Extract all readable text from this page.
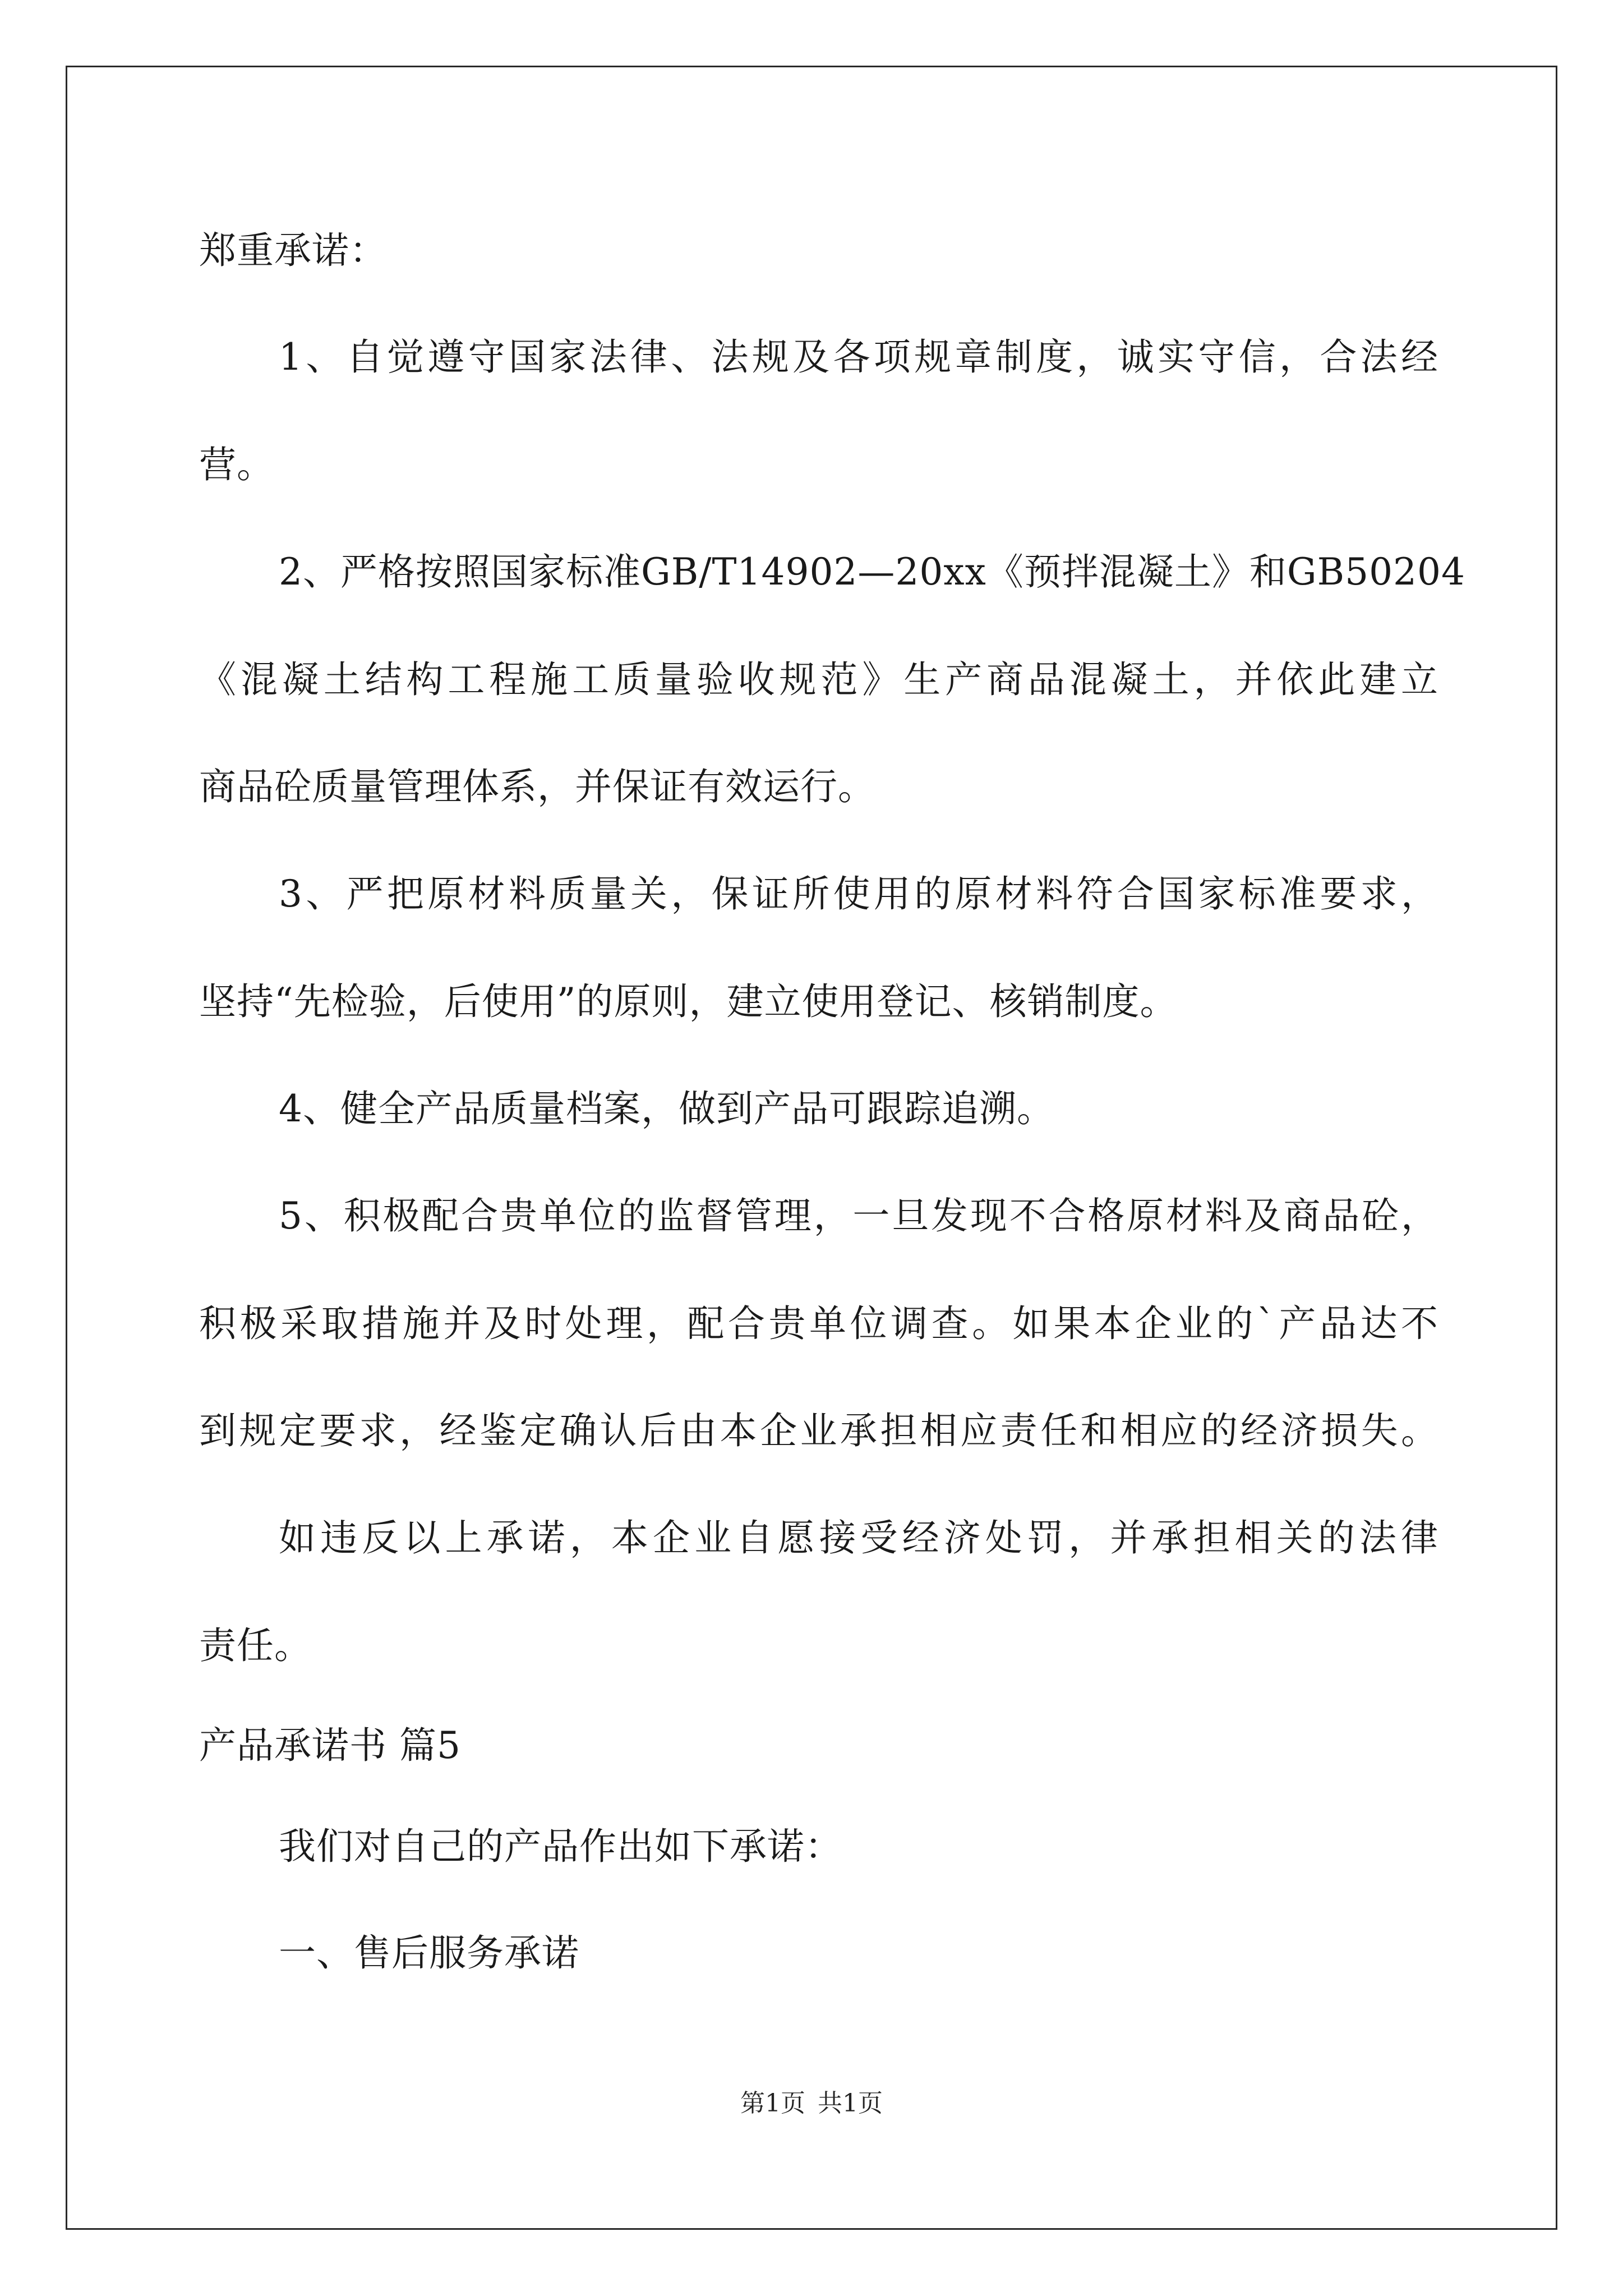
郑重承诺：
1、自觉遵守国家法律、法规及各项规章制度，诚实守信，合法经
营。
2、严格按照国家标准GB/T14902—20xx《预拌混凝土》和GB50204
《混凝土结构工程施工质量验收规范》生产商品混凝土，并依此建立
商品砼质量管理体系，并保证有效运行。
3、严把原材料质量关，保证所使用的原材料符合国家标准要求，
坚持“先检验，后使用”的原则，建立使用登记、核销制度。
4、健全产品质量档案，做到产品可跟踪追溯。
5、积极配合贵单位的监督管理，一旦发现不合格原材料及商品砼，
积极采取措施并及时处理，配合贵单位调查。如果本企业的`产品达不
到规定要求，经鉴定确认后由本企业承担相应责任和相应的经济损失。
如违反以上承诺，本企业自愿接受经济处罚，并承担相关的法律
责任。
产品承诺书 篇5
我们对自己的产品作出如下承诺：
一、售后服务承诺
第1页 共1页
